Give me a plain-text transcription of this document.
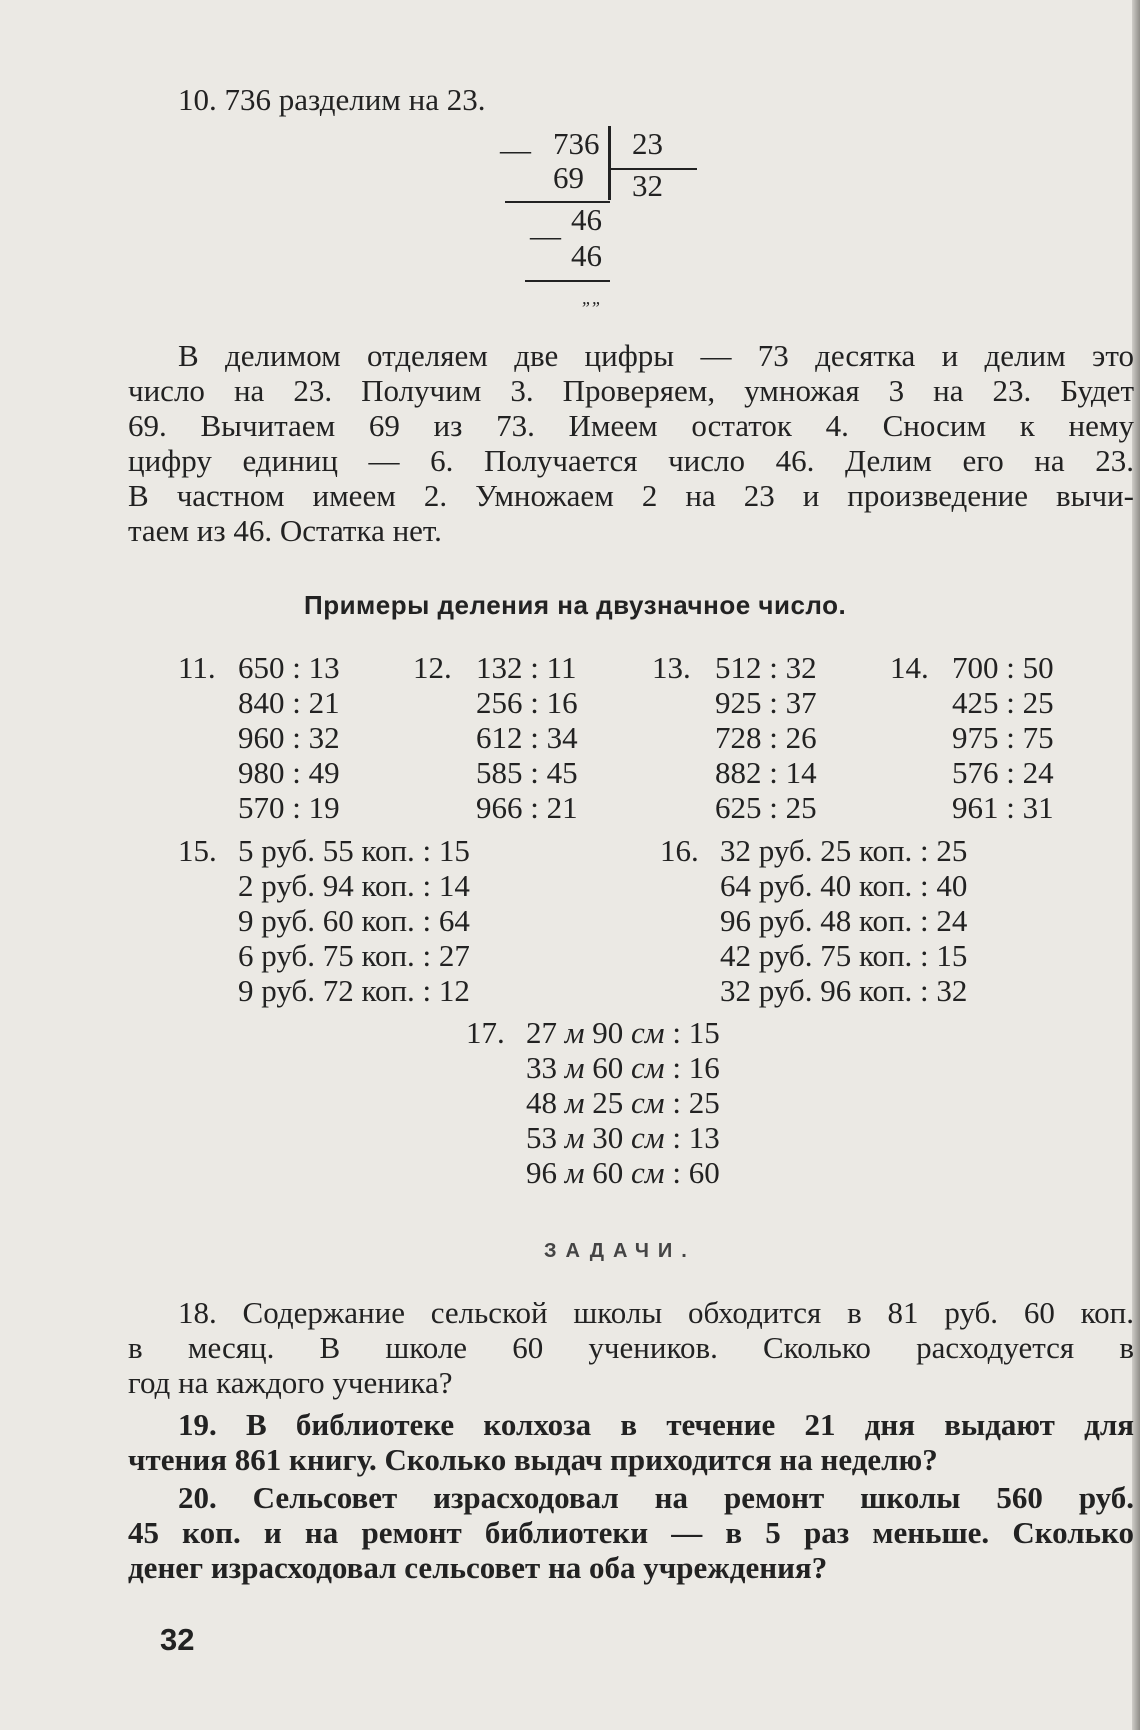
10. 736 разделим на 23.
— 736 23
69 32
46
—
46
””
В делимом отделяем две цифры — 73 десятка и делим это
число на 23. Получим 3. Проверяем, умножая 3 на 23. Будет
69. Вычитаем 69 из 73. Имеем остаток 4. Сносим к нему
цифру единиц — 6. Получается число 46. Делим его на 23.
В частном имеем 2. Умножаем 2 на 23 и произведение вычи-
таем из 46. Остатка нет.
Примеры деления на двузначное число.
11. 650 : 13
840 : 21
960 : 32
980 : 49
570 : 19
12. 132 : 11
256 : 16
612 : 34
585 : 45
966 : 21
13. 512 : 32
925 : 37
728 : 26
882 : 14
625 : 25
14. 700 : 50
425 : 25
975 : 75
576 : 24
961 : 31
15. 5 руб. 55 коп. : 15
2 руб. 94 коп. : 14
9 руб. 60 коп. : 64
6 руб. 75 коп. : 27
9 руб. 72 коп. : 12
16. 32 руб. 25 коп. : 25
64 руб. 40 коп. : 40
96 руб. 48 коп. : 24
42 руб. 75 коп. : 15
32 руб. 96 коп. : 32
17. 27 м 90 см : 15
33 м 60 см : 16
48 м 25 см : 25
53 м 30 см : 13
96 м 60 см : 60
ЗАДАЧИ.
18. Содержание сельской школы обходится в 81 руб. 60 коп.
в месяц. В школе 60 учеников. Сколько расходуется в
год на каждого ученика?
19. В библиотеке колхоза в течение 21 дня выдают для
чтения 861 книгу. Сколько выдач приходится на неделю?
20. Сельсовет израсходовал на ремонт школы 560 руб.
45 коп. и на ремонт библиотеки — в 5 раз меньше. Сколько
денег израсходовал сельсовет на оба учреждения?
32
